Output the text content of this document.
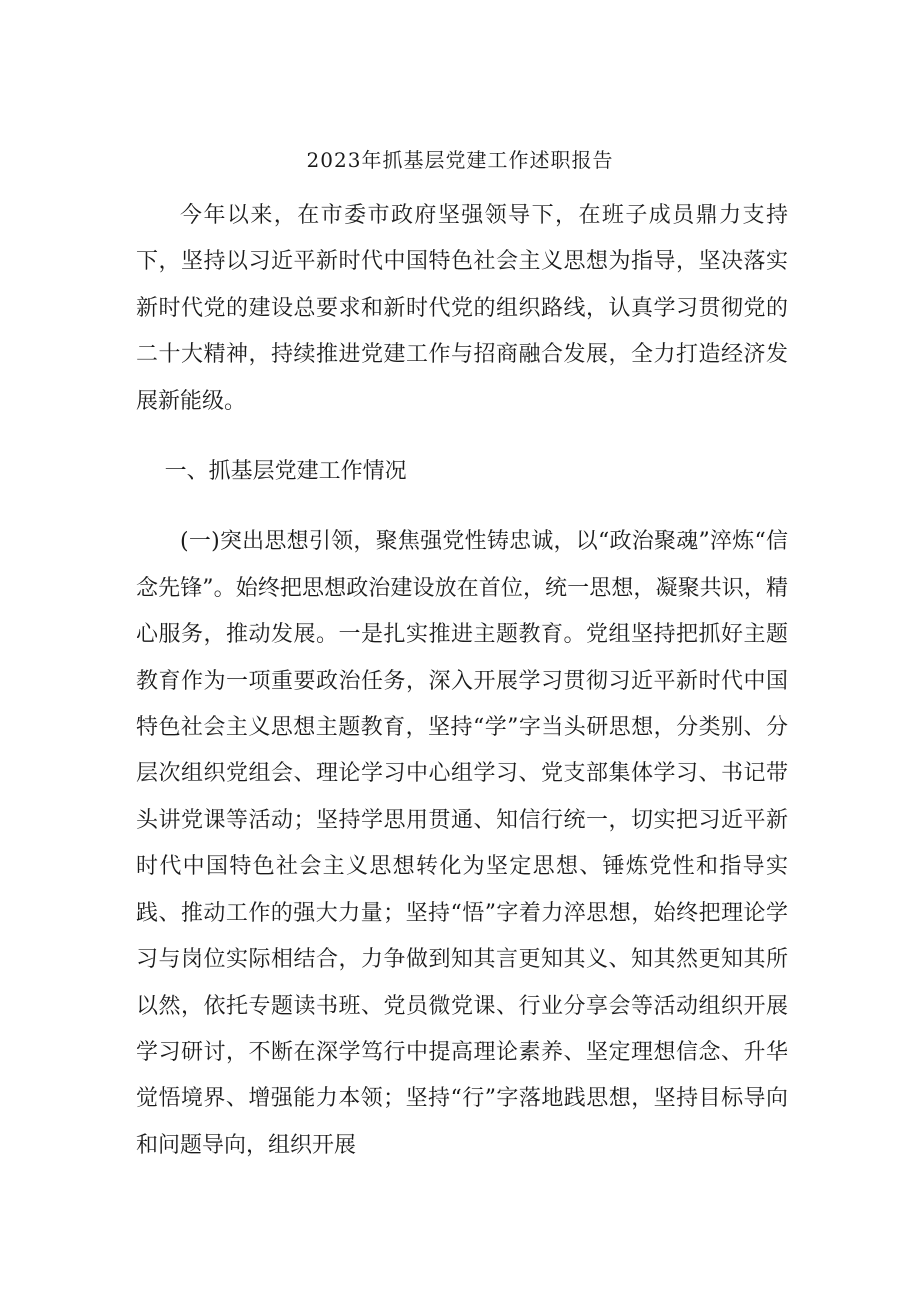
2023年抓基层党建工作述职报告

今年以来，在市委市政府坚强领导下，在班子成员鼎力支持下，坚持以习近平新时代中国特色社会主义思想为指导，坚决落实新时代党的建设总要求和新时代党的组织路线，认真学习贯彻党的二十大精神，持续推进党建工作与招商融合发展，全力打造经济发展新能级。

一、抓基层党建工作情况

(一)突出思想引领，聚焦强党性铸忠诚，以“政治聚魂”淬炼“信念先锋”。始终把思想政治建设放在首位，统一思想，凝聚共识，精心服务，推动发展。一是扎实推进主题教育。党组坚持把抓好主题教育作为一项重要政治任务，深入开展学习贯彻习近平新时代中国特色社会主义思想主题教育，坚持“学”字当头研思想，分类别、分层次组织党组会、理论学习中心组学习、党支部集体学习、书记带头讲党课等活动；坚持学思用贯通、知信行统一，切实把习近平新时代中国特色社会主义思想转化为坚定思想、锤炼党性和指导实践、推动工作的强大力量；坚持“悟”字着力淬思想，始终把理论学习与岗位实际相结合，力争做到知其言更知其义、知其然更知其所以然，依托专题读书班、党员微党课、行业分享会等活动组织开展学习研讨，不断在深学笃行中提高理论素养、坚定理想信念、升华觉悟境界、增强能力本领；坚持“行”字落地践思想，坚持目标导向和问题导向，组织开展
